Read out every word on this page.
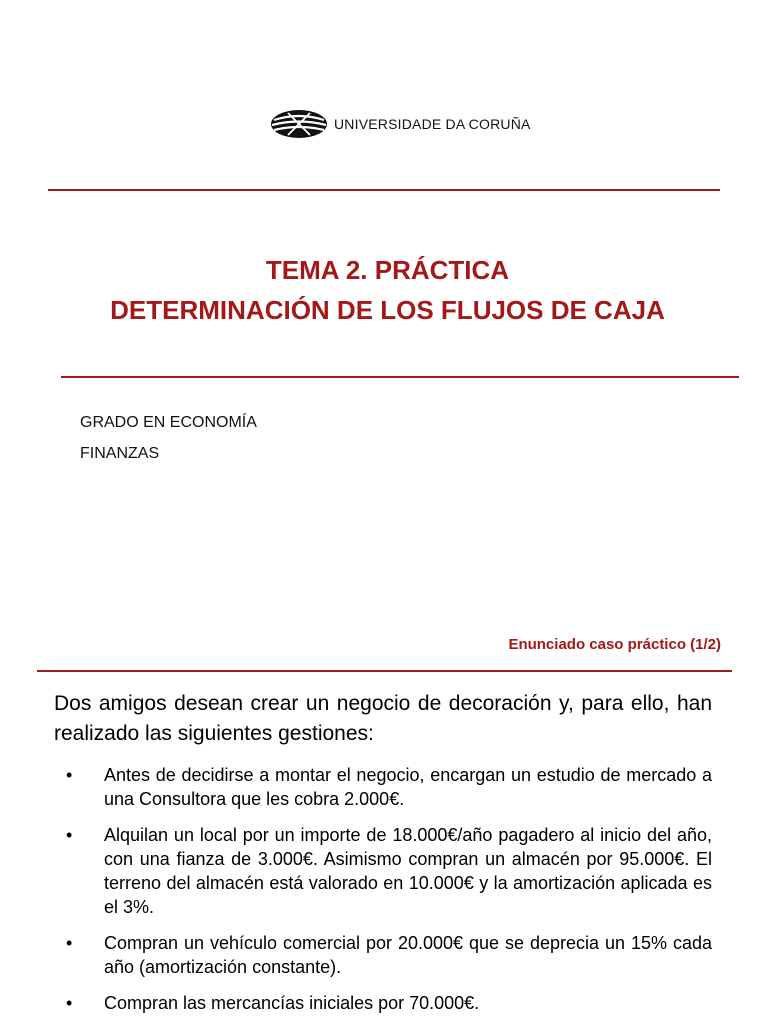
UNIVERSIDADE DA CORUÑA
TEMA 2. PRÁCTICA
DETERMINACIÓN DE LOS FLUJOS DE CAJA
GRADO EN ECONOMÍA
FINANZAS
Enunciado caso práctico (1/2)
Dos amigos desean crear un negocio de decoración y, para ello, han realizado las siguientes gestiones:
•	Antes de decidirse a montar el negocio, encargan un estudio de mercado a una Consultora que les cobra 2.000€.
•	Alquilan un local por un importe de 18.000€/año pagadero al inicio del año, con una fianza de 3.000€. Asimismo compran un almacén por 95.000€. El terreno del almacén está valorado en 10.000€ y la amortización aplicada es el 3%.
•	Compran un vehículo comercial por 20.000€ que se deprecia un 15% cada año (amortización constante).
•	Compran las mercancías iniciales por 70.000€.
